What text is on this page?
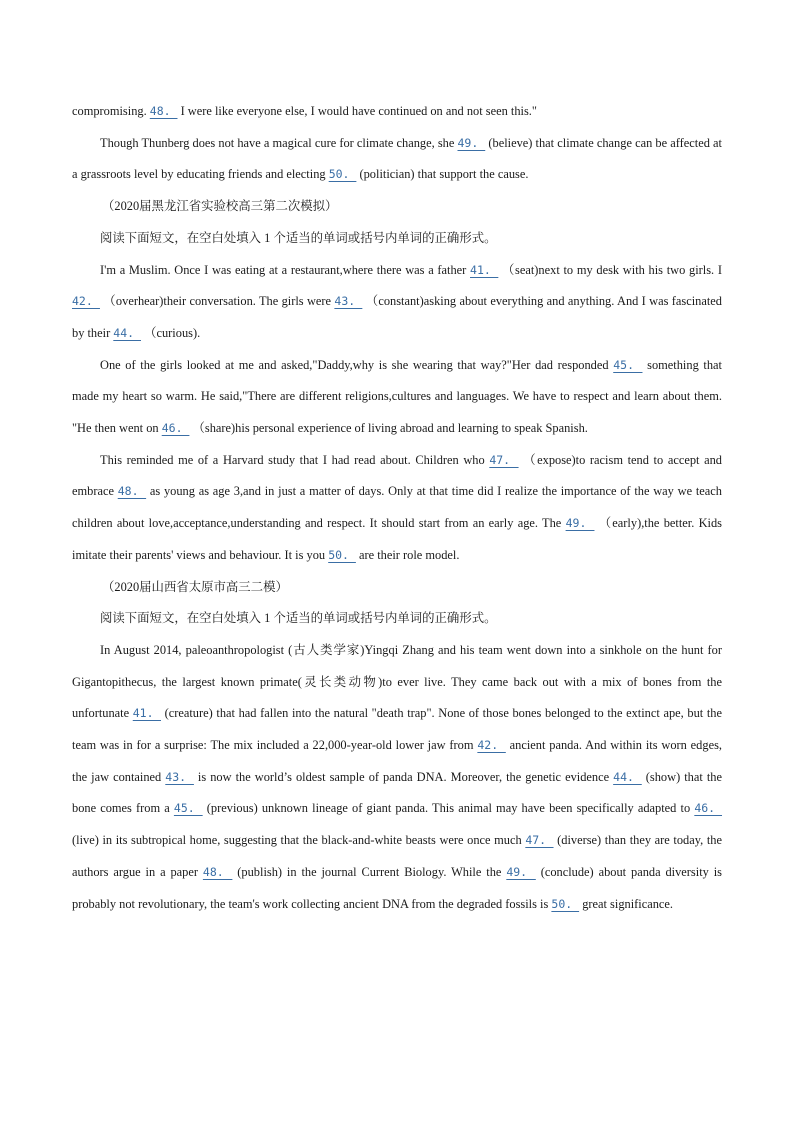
compromising. 48.  I were like everyone else, I would have continued on and not seen this."

Though Thunberg does not have a magical cure for climate change, she 49.  (believe) that climate change can be affected at a grassroots level by educating friends and electing 50.  (politician) that support the cause.

（2020届黑龙江省实验校高三第二次模拟）

阅读下面短文，在空白处填入 1 个适当的单词或括号内单词的正确形式。

I'm a Muslim. Once I was eating at a restaurant,where there was a father 41.  （seat)next to my desk with his two girls. I 42.  （overhear)their conversation. The girls were 43.  （constant)asking about everything and anything. And I was fascinated by their 44.  （curious).

One of the girls looked at me and asked,"Daddy,why is she wearing that way?"Her dad responded 45.  something that made my heart so warm. He said,"There are different religions,cultures and languages. We have to respect and learn about them. "He then went on 46.  （share)his personal experience of living abroad and learning to speak Spanish.

This reminded me of a Harvard study that I had read about. Children who 47.  （expose)to racism tend to accept and embrace 48.  as young as age 3,and in just a matter of days. Only at that time did I realize the importance of the way we teach children about love,acceptance,understanding and respect. It should start from an early age. The 49.  （early),the better. Kids imitate their parents' views and behaviour. It is you 50.  are their role model.

（2020届山西省太原市高三二模）

阅读下面短文，在空白处填入 1 个适当的单词或括号内单词的正确形式。

In August 2014, paleoanthropologist (古人类学家)Yingqi Zhang and his team went down into a sinkhole on the hunt for Gigantopithecus, the largest known primate(灵长类动物)to ever live. They came back out with a mix of bones from the unfortunate 41.  (creature) that had fallen into the natural "death trap". None of those bones belonged to the extinct ape, but the team was in for a surprise: The mix included a 22,000-year-old lower jaw from 42.  ancient panda. And within its worn edges, the jaw contained 43.  is now the world’s oldest sample of panda DNA. Moreover, the genetic evidence 44.  (show) that the bone comes from a 45.  (previous) unknown lineage of giant panda. This animal may have been specifically adapted to 46.  (live) in its subtropical home, suggesting that the black-and-white beasts were once much 47.  (diverse) than they are today, the authors argue in a paper 48.  (publish) in the journal Current Biology. While the 49.  (conclude) about panda diversity is probably not revolutionary, the team's work collecting ancient DNA from the degraded fossils is 50.  great significance.
